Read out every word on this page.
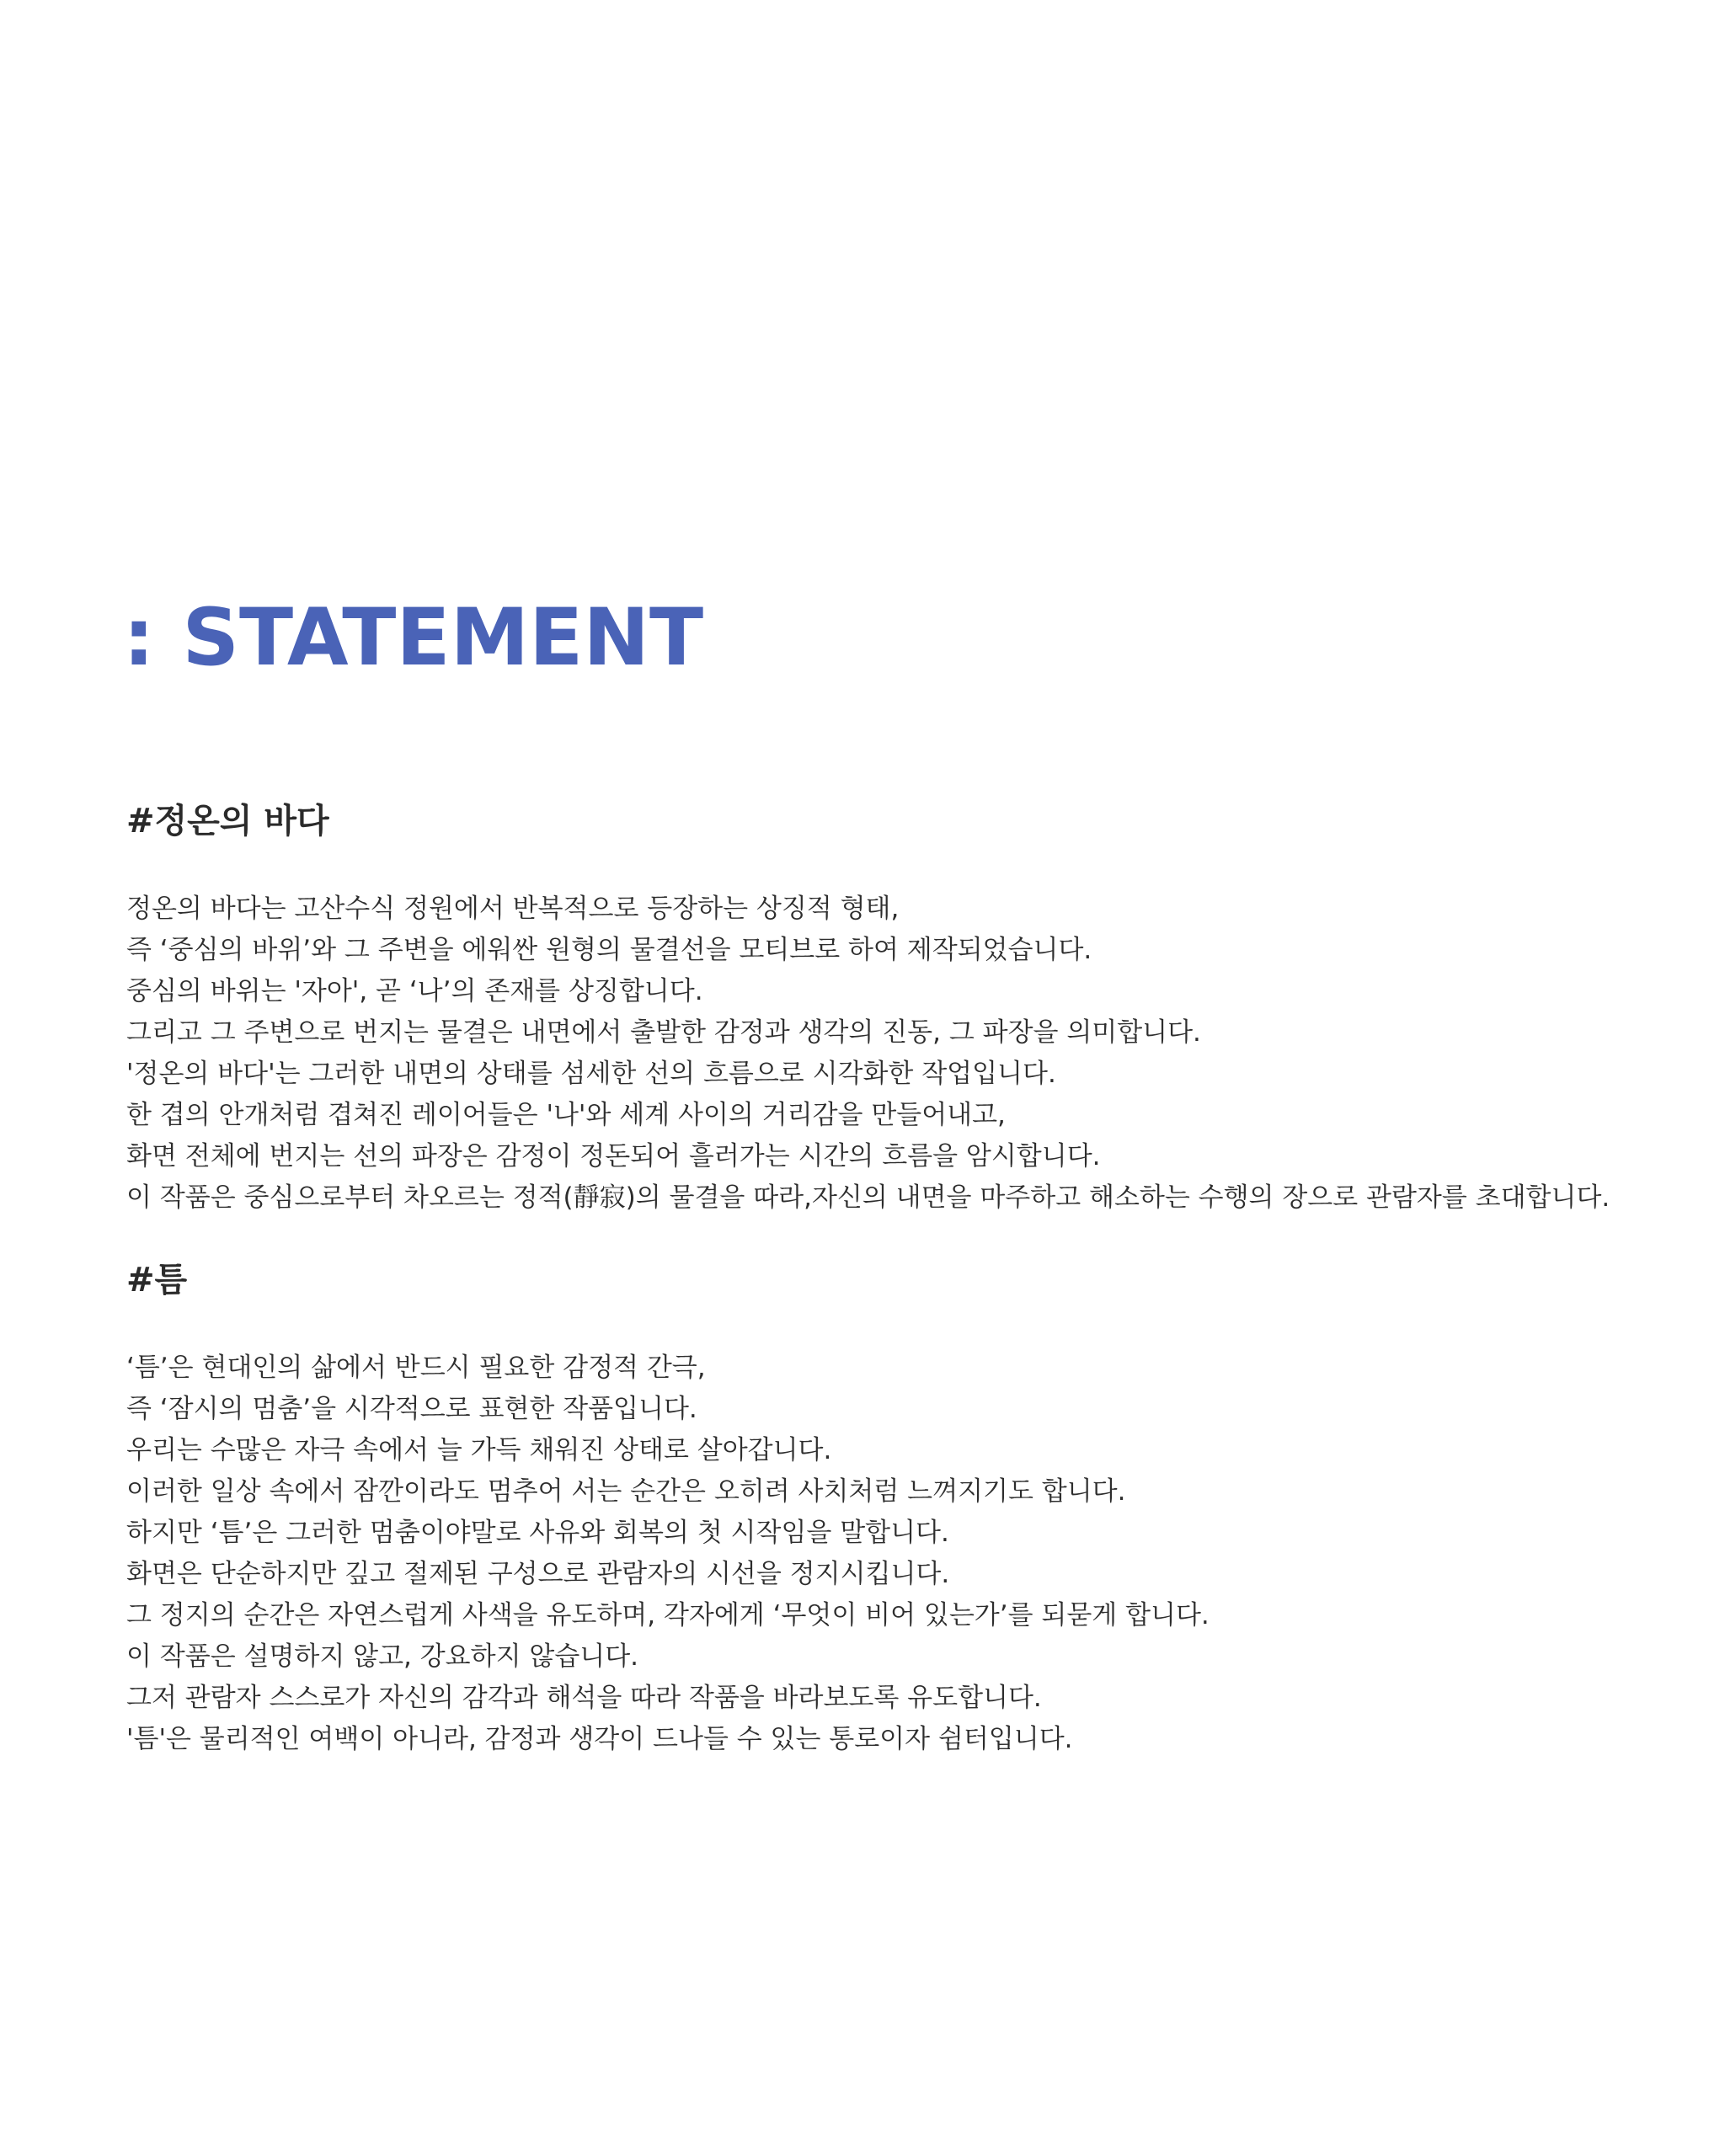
: STATEMENT
#정온의 바다
정온의 바다는 고산수식 정원에서 반복적으로 등장하는 상징적 형태,
즉 ‘중심의 바위’와 그 주변을 에워싼 원형의 물결선을 모티브로 하여 제작되었습니다.
중심의 바위는 '자아', 곧 ‘나’의 존재를 상징합니다.
그리고 그 주변으로 번지는 물결은 내면에서 출발한 감정과 생각의 진동, 그 파장을 의미합니다.
'정온의 바다'는 그러한 내면의 상태를 섬세한 선의 흐름으로 시각화한 작업입니다.
한 겹의 안개처럼 겹쳐진 레이어들은 '나'와 세계 사이의 거리감을 만들어내고,
화면 전체에 번지는 선의 파장은 감정이 정돈되어 흘러가는 시간의 흐름을 암시합니다.
이 작품은 중심으로부터 차오르는 정적(靜寂)의 물결을 따라,자신의 내면을 마주하고 해소하는 수행의 장으로 관람자를 초대합니다.
#틈
‘틈’은 현대인의 삶에서 반드시 필요한 감정적 간극,
즉 ‘잠시의 멈춤’을 시각적으로 표현한 작품입니다.
우리는 수많은 자극 속에서 늘 가득 채워진 상태로 살아갑니다.
이러한 일상 속에서 잠깐이라도 멈추어 서는 순간은 오히려 사치처럼 느껴지기도 합니다.
하지만 ‘틈’은 그러한 멈춤이야말로 사유와 회복의 첫 시작임을 말합니다.
화면은 단순하지만 깊고 절제된 구성으로 관람자의 시선을 정지시킵니다.
그 정지의 순간은 자연스럽게 사색을 유도하며, 각자에게 ‘무엇이 비어 있는가’를 되묻게 합니다.
이 작품은 설명하지 않고, 강요하지 않습니다.
그저 관람자 스스로가 자신의 감각과 해석을 따라 작품을 바라보도록 유도합니다.
'틈'은 물리적인 여백이 아니라, 감정과 생각이 드나들 수 있는 통로이자 쉼터입니다.
